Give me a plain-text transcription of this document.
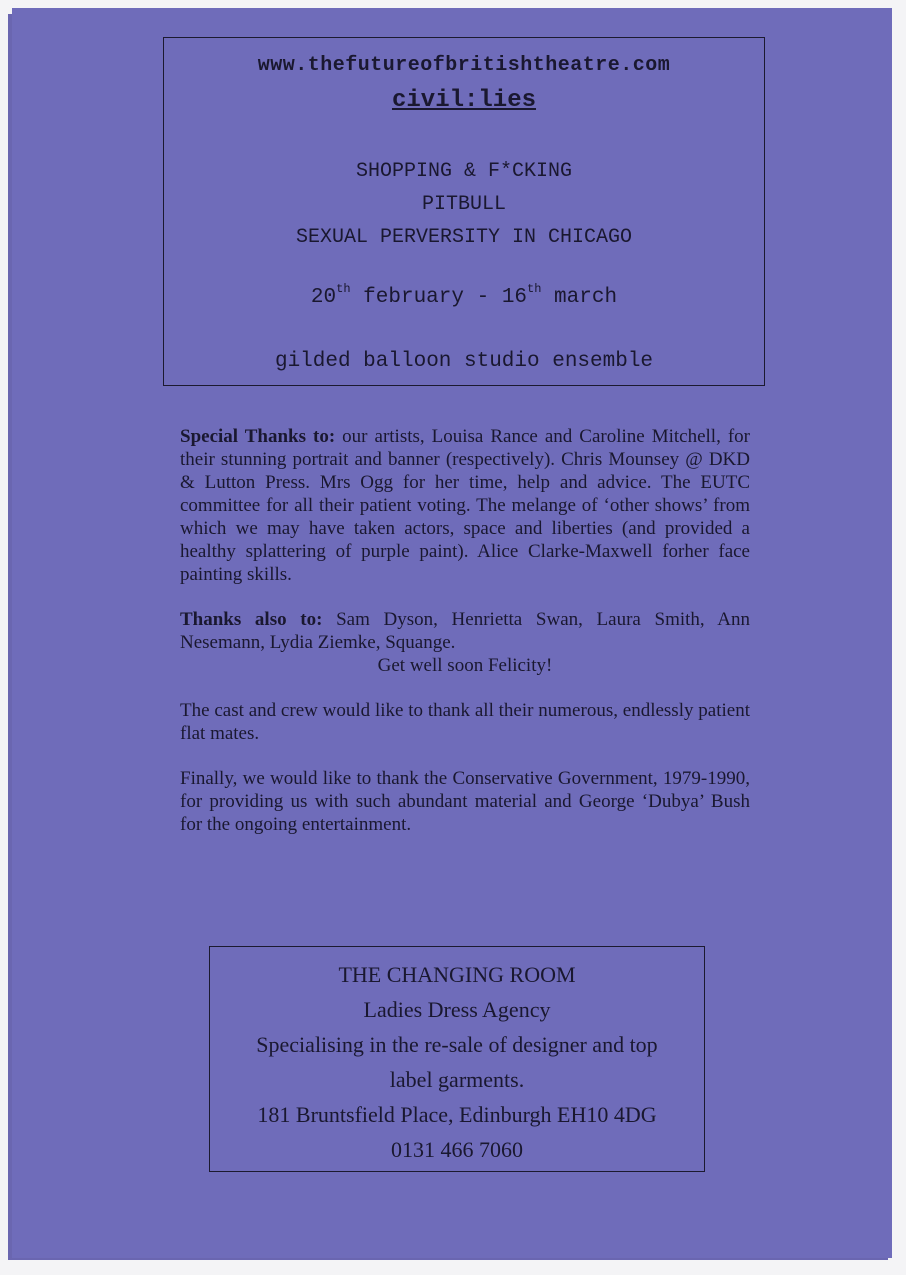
www.thefutureofbritishtheatre.com
civil:lies
SHOPPING & F*CKING
PITBULL
SEXUAL PERVERSITY IN CHICAGO
20th february - 16th march
gilded balloon studio ensemble

Special Thanks to: our artists, Louisa Rance and Caroline Mitchell, for their stunning portrait and banner (respectively). Chris Mounsey @ DKD & Lutton Press. Mrs Ogg for her time, help and advice. The EUTC committee for all their patient voting. The melange of ‘other shows’ from which we may have taken actors, space and liberties (and provided a healthy splattering of purple paint). Alice Clarke-Maxwell forher face painting skills.

Thanks also to: Sam Dyson, Henrietta Swan, Laura Smith, Ann Nesemann, Lydia Ziemke, Squange.
Get well soon Felicity!

The cast and crew would like to thank all their numerous, endlessly patient flat mates.

Finally, we would like to thank the Conservative Government, 1979-1990, for providing us with such abundant material and George ‘Dubya’ Bush for the ongoing entertainment.

THE CHANGING ROOM
Ladies Dress Agency
Specialising in the re-sale of designer and top
label garments.
181 Bruntsfield Place, Edinburgh EH10 4DG
0131 466 7060
